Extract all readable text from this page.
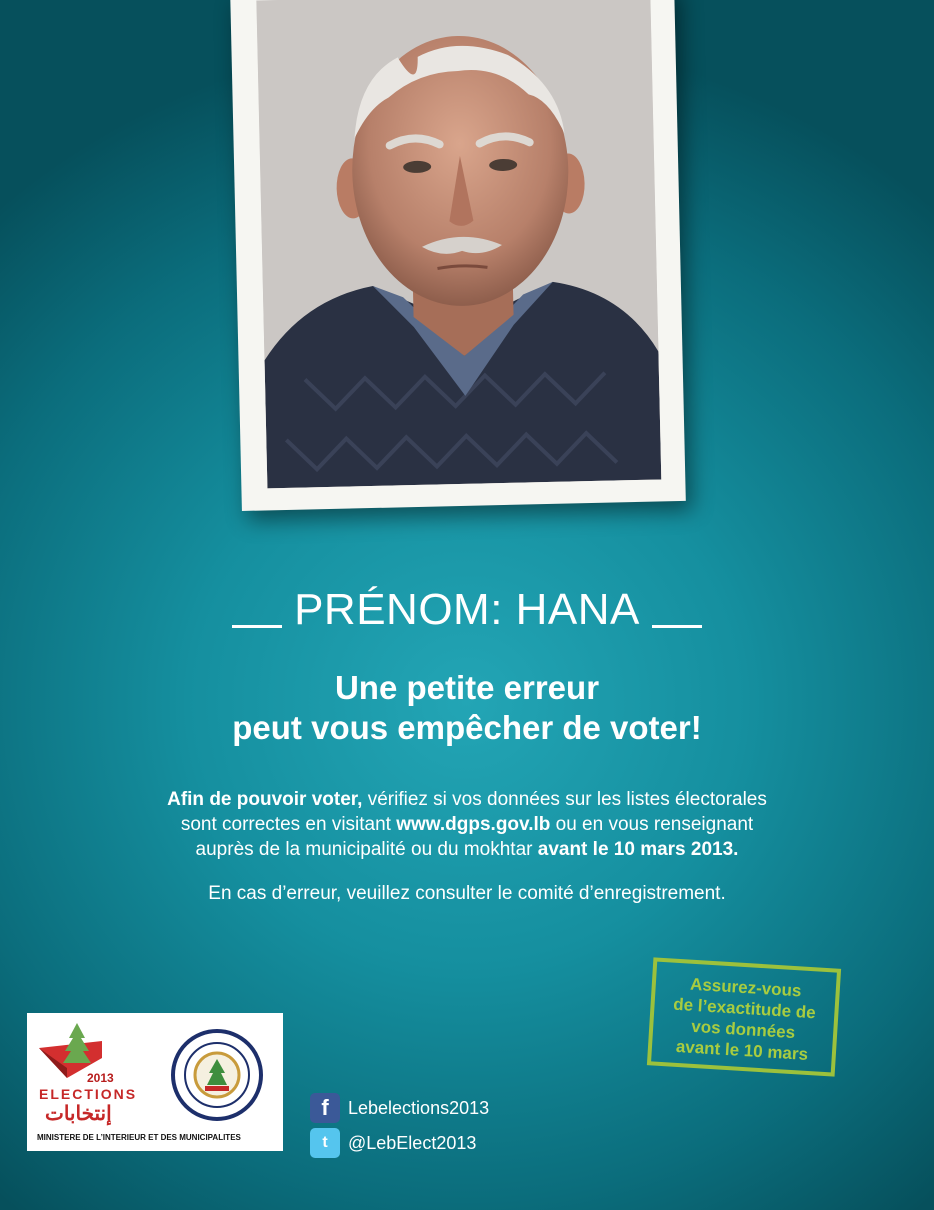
PRÉNOM: HANA
Une petite erreur
peut vous empêcher de voter!
Afin de pouvoir voter, vérifiez si vos données sur les listes électorales
sont correctes en visitant www.dgps.gov.lb ou en vous renseignant
auprès de la municipalité ou du mokhtar avant le 10 mars 2013.
En cas d’erreur, veuillez consulter le comité d’enregistrement.
Assurez-vous
de l’exactitude de
vos données
avant le 10 mars
2013
ELECTIONS
إنتخابات
MINISTERE DE L’INTERIEUR ET DES MUNICIPALITES
f	Lebelections2013
t	@LebElect2013
